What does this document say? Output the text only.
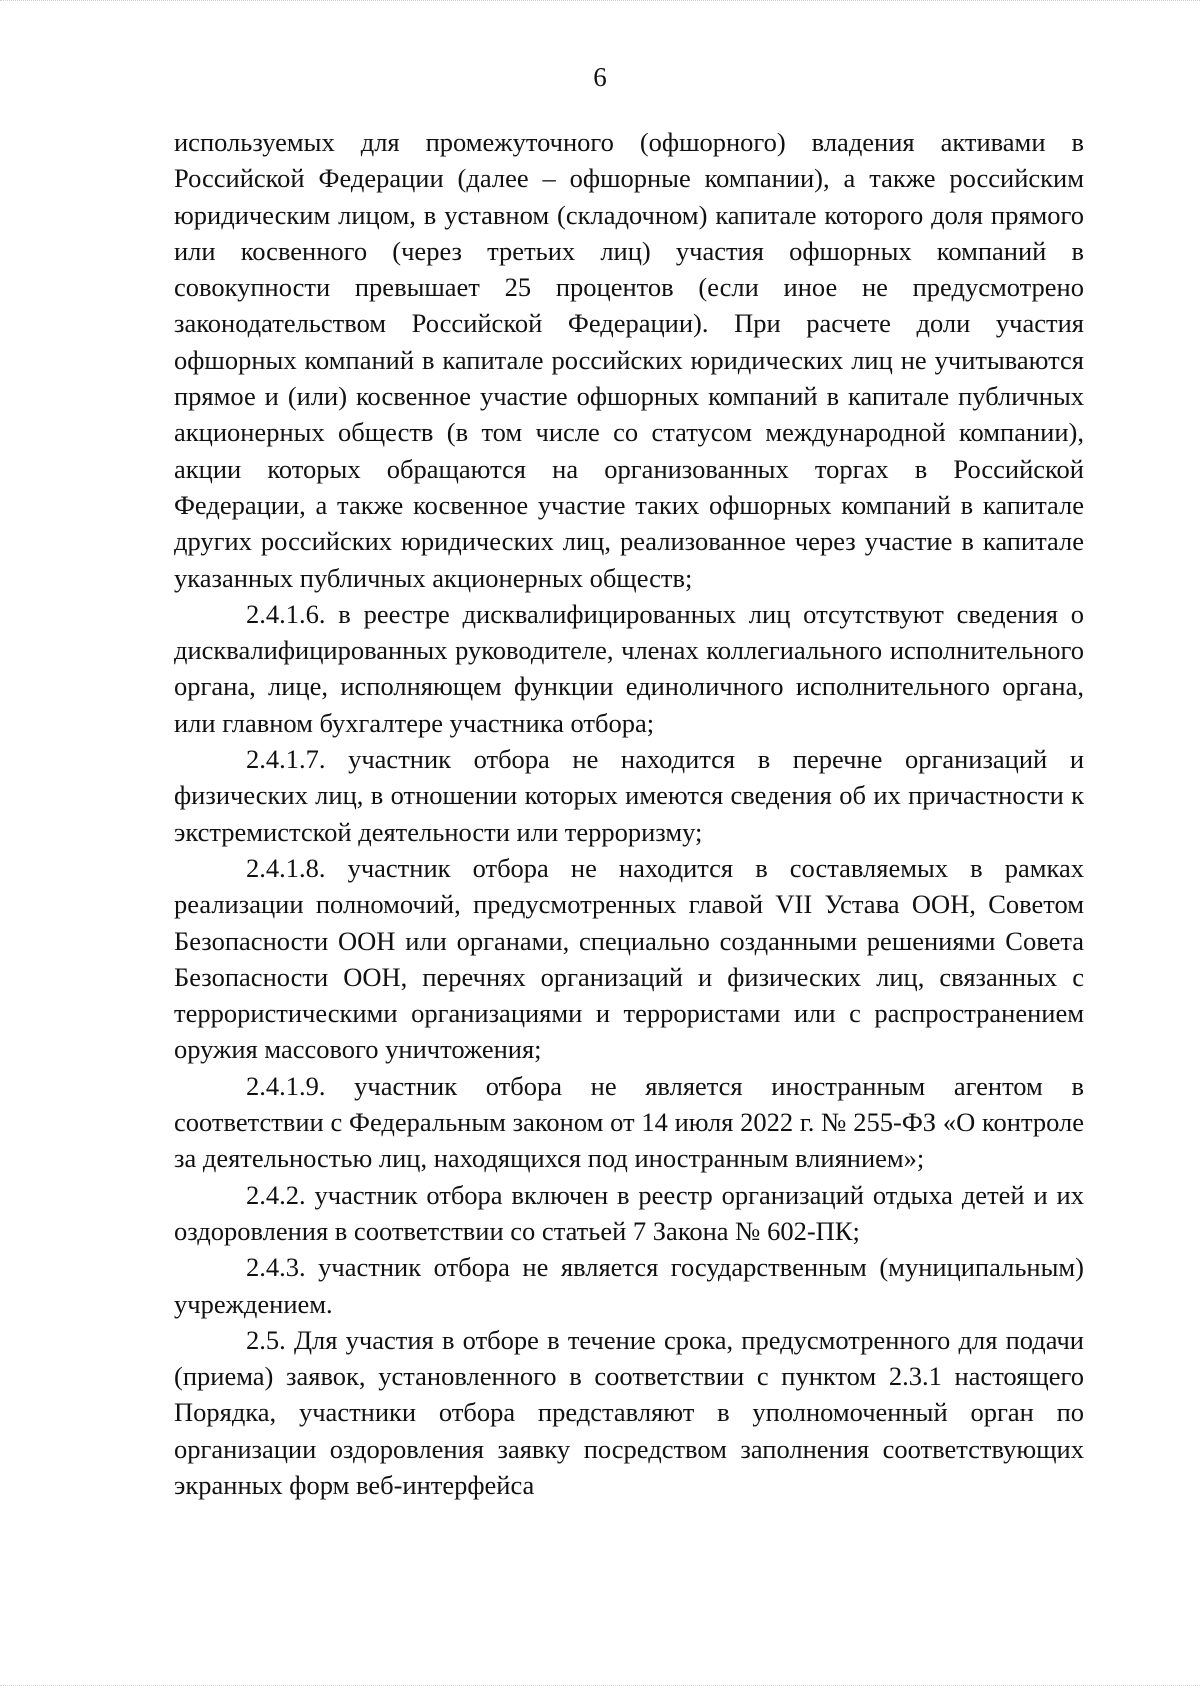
6

используемых для промежуточного (офшорного) владения активами в Российской Федерации (далее – офшорные компании), а также российским юридическим лицом, в уставном (складочном) капитале которого доля прямого или косвенного (через третьих лиц) участия офшорных компаний в совокупности превышает 25 процентов (если иное не предусмотрено законодательством Российской Федерации). При расчете доли участия офшорных компаний в капитале российских юридических лиц не учитываются прямое и (или) косвенное участие офшорных компаний в капитале публичных акционерных обществ (в том числе со статусом международной компании), акции которых обращаются на организованных торгах в Российской Федерации, а также косвенное участие таких офшорных компаний в капитале других российских юридических лиц, реализованное через участие в капитале указанных публичных акционерных обществ;

2.4.1.6. в реестре дисквалифицированных лиц отсутствуют сведения о дисквалифицированных руководителе, членах коллегиального исполнительного органа, лице, исполняющем функции единоличного исполнительного органа, или главном бухгалтере участника отбора;

2.4.1.7. участник отбора не находится в перечне организаций и физических лиц, в отношении которых имеются сведения об их причастности к экстремистской деятельности или терроризму;

2.4.1.8. участник отбора не находится в составляемых в рамках реализации полномочий, предусмотренных главой VII Устава ООН, Советом Безопасности ООН или органами, специально созданными решениями Совета Безопасности ООН, перечнях организаций и физических лиц, связанных с террористическими организациями и террористами или с распространением оружия массового уничтожения;

2.4.1.9. участник отбора не является иностранным агентом в соответствии с Федеральным законом от 14 июля 2022 г. № 255-ФЗ «О контроле за деятельностью лиц, находящихся под иностранным влиянием»;

2.4.2. участник отбора включен в реестр организаций отдыха детей и их оздоровления в соответствии со статьей 7 Закона № 602-ПК;

2.4.3. участник отбора не является государственным (муниципальным) учреждением.

2.5. Для участия в отборе в течение срока, предусмотренного для подачи (приема) заявок, установленного в соответствии с пунктом 2.3.1 настоящего Порядка, участники отбора представляют в уполномоченный орган по организации оздоровления заявку посредством заполнения соответствующих экранных форм веб-интерфейса
